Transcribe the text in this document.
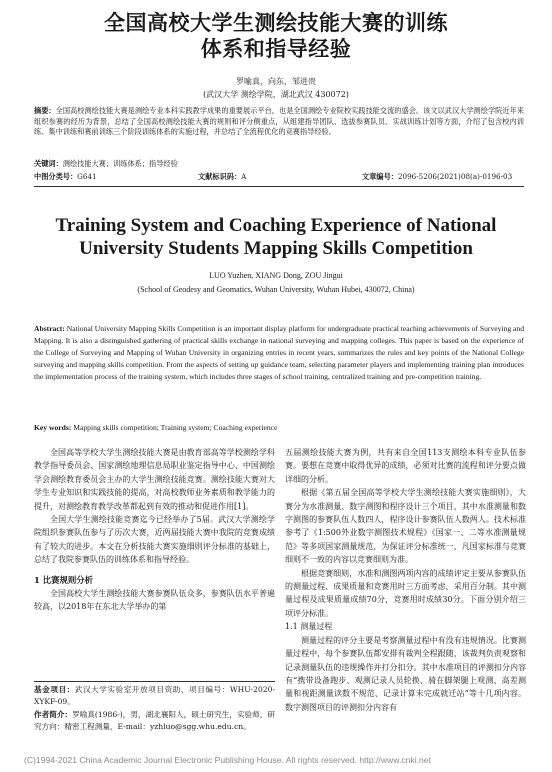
全国高校大学生测绘技能大赛的训练
体系和指导经验
罗喻真，向东，邹进贵
(武汉大学 测绘学院，湖北武汉 430072)
摘要：全国高校测绘技能大赛是测绘专业本科实践教学成果的重要展示平台，也是全国测绘专业院校实践技能交流的盛会。该文以武汉大学测绘学院近年来组织参赛的经历为背景，总结了全国高校测绘技能大赛的规则和评分侧重点，从组建指导团队、选拔参赛队员、实战训练计划等方面，介绍了包含校内训练、集中训练和赛前训练三个阶段训练体系的实施过程，并总结了全流程优化的竞赛指导经验。
关键词：测绘技能大赛；训练体系；指导经验
中图分类号：G641	文献标识码：A	文章编号：2096-5206(2021)08(a)-0196-03
Training System and Coaching Experience of National
University Students Mapping Skills Competition
LUO Yuzhen, XIANG Dong, ZOU Jingui
(School of Geodesy and Geomatics, Wuhan University, Wuhan Hubei, 430072, China)
Abstract: National University Mapping Skills Competition is an important display platform for undergraduate practical teaching achievements of Surveying and Mapping. It is also a distinguished gathering of practical skills exchange in national surveying and mapping colleges. This paper is based on the experience of the College of Surveying and Mapping of Wuhan University in organizing entries in recent years, summarizes the rules and key points of the National College surveying and mapping skills competition. From the aspects of setting up guidance team, selecting parameter players and implementing training plan introduces the implementation process of the training system, which includes three stages of school training, centralized training and pre-competition training.
Key words: Mapping skills competition; Training system; Coaching experience

全国高等学校大学生测绘技能大赛是由教育部高等学校测绘学科教学指导委员会、国家测绘地理信息局职业鉴定指导中心、中国测绘学会测绘教育委员会主办的大学生测绘技能竞赛。测绘技能大赛对大学生专业知识和实践技能的提高，对高校教师业务素质和教学能力的提升，对测绘教育教学改革都起到有效的推动和促进作用[1]。

全国大学生测绘技能竞赛迄今已经举办了5届。武汉大学测绘学院组织参赛队伍参与了历次大赛，近两届技能大赛中我院的竞赛成绩有了较大的进步。本文在分析技能大赛实施细则评分标准的基础上，总结了我院参赛队伍的训练体系和指导经验。

1 比赛规则分析

全国高校大学生测绘技能大赛参赛队伍众多，参赛队伍水平普遍较高，以2018年在东北大学举办的第

基金项目：武汉大学实验室开放项目资助，项目编号：WHU-2020-XYKF-09。
作者简介：罗喻真(1986-)，男，湖北襄阳人，硕士研究生，实验师，研究方向：精密工程测量，E-mail：yzhluo@sgg.whu.edu.cn。

五届测绘技能大赛为例，共有来自全国113支测绘本科专业队伍参赛。要想在竞赛中取得优异的成绩，必须对比赛的流程和评分要点做详细的分析。

根据《第五届全国高等学校大学生测绘技能大赛实施细则》，大赛分为水准测量、数字测图和程序设计三个项目，其中水准测量和数字测图的参赛队伍人数四人，程序设计参赛队伍人数两人。技术标准参考了《1:500外业数字测图技术规程》《国家一、二等水准测量规范》等多项国家测量规范，为保证评分标准统一，凡国家标准与竞赛细则不一致的内容以竞赛细则为准。

根据竞赛细则，水准和测图两项内容的成绩评定主要从参赛队伍的测量过程、成果质量和竞赛用时三方面考虑，采用百分制。其中测量过程及成果质量成绩70分，竞赛用时成绩30分。下面分别介绍三项评分标准。

1.1 测量过程

测量过程的评分主要是考察测量过程中有没有违规情况。比赛测量过程中，每个参赛队伍都安排有裁判全程跟随，该裁判负责观察和记录测量队伍的违规操作并打分扣分。其中水准项目的评测扣分内容有“携带设备跑步、观测记录人员轮换、骑在脚架腿上观测、高差测量和视距测量读数不规范、记录计算未完成就迁站”等十几项内容。数字测图项目的评测扣分内容有

(C)1994-2021 China Academic Journal Electronic Publishing House. All rights reserved. http://www.cnki.net
